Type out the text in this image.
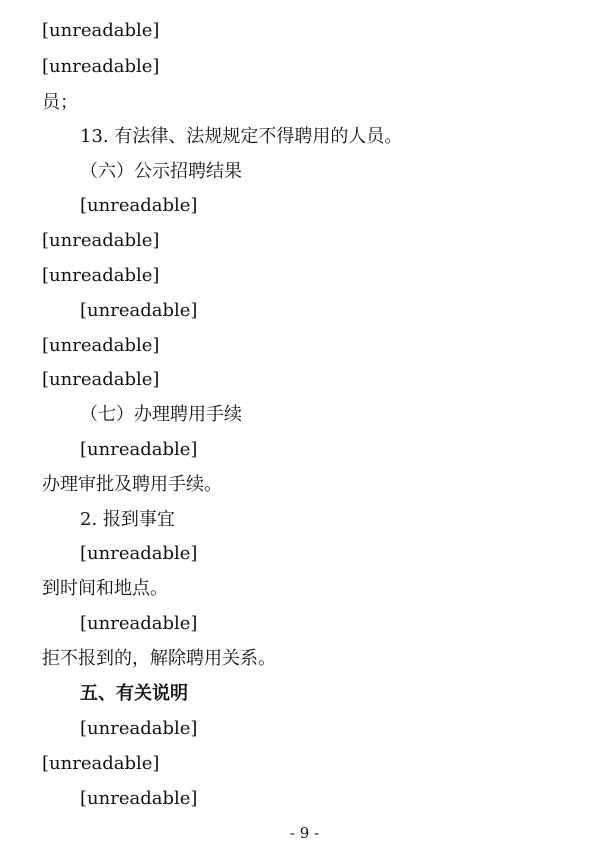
[unreadable]
[unreadable]
员；
13. 有法律、法规规定不得聘用的人员。
（六）公示招聘结果
[unreadable]
[unreadable]
[unreadable]
[unreadable]
[unreadable]
[unreadable]
（七）办理聘用手续
[unreadable]
办理审批及聘用手续。
2. 报到事宜
[unreadable]
到时间和地点。
[unreadable]
拒不报到的，解除聘用关系。
五、有关说明
[unreadable]
[unreadable]
[unreadable]
- 9 -
